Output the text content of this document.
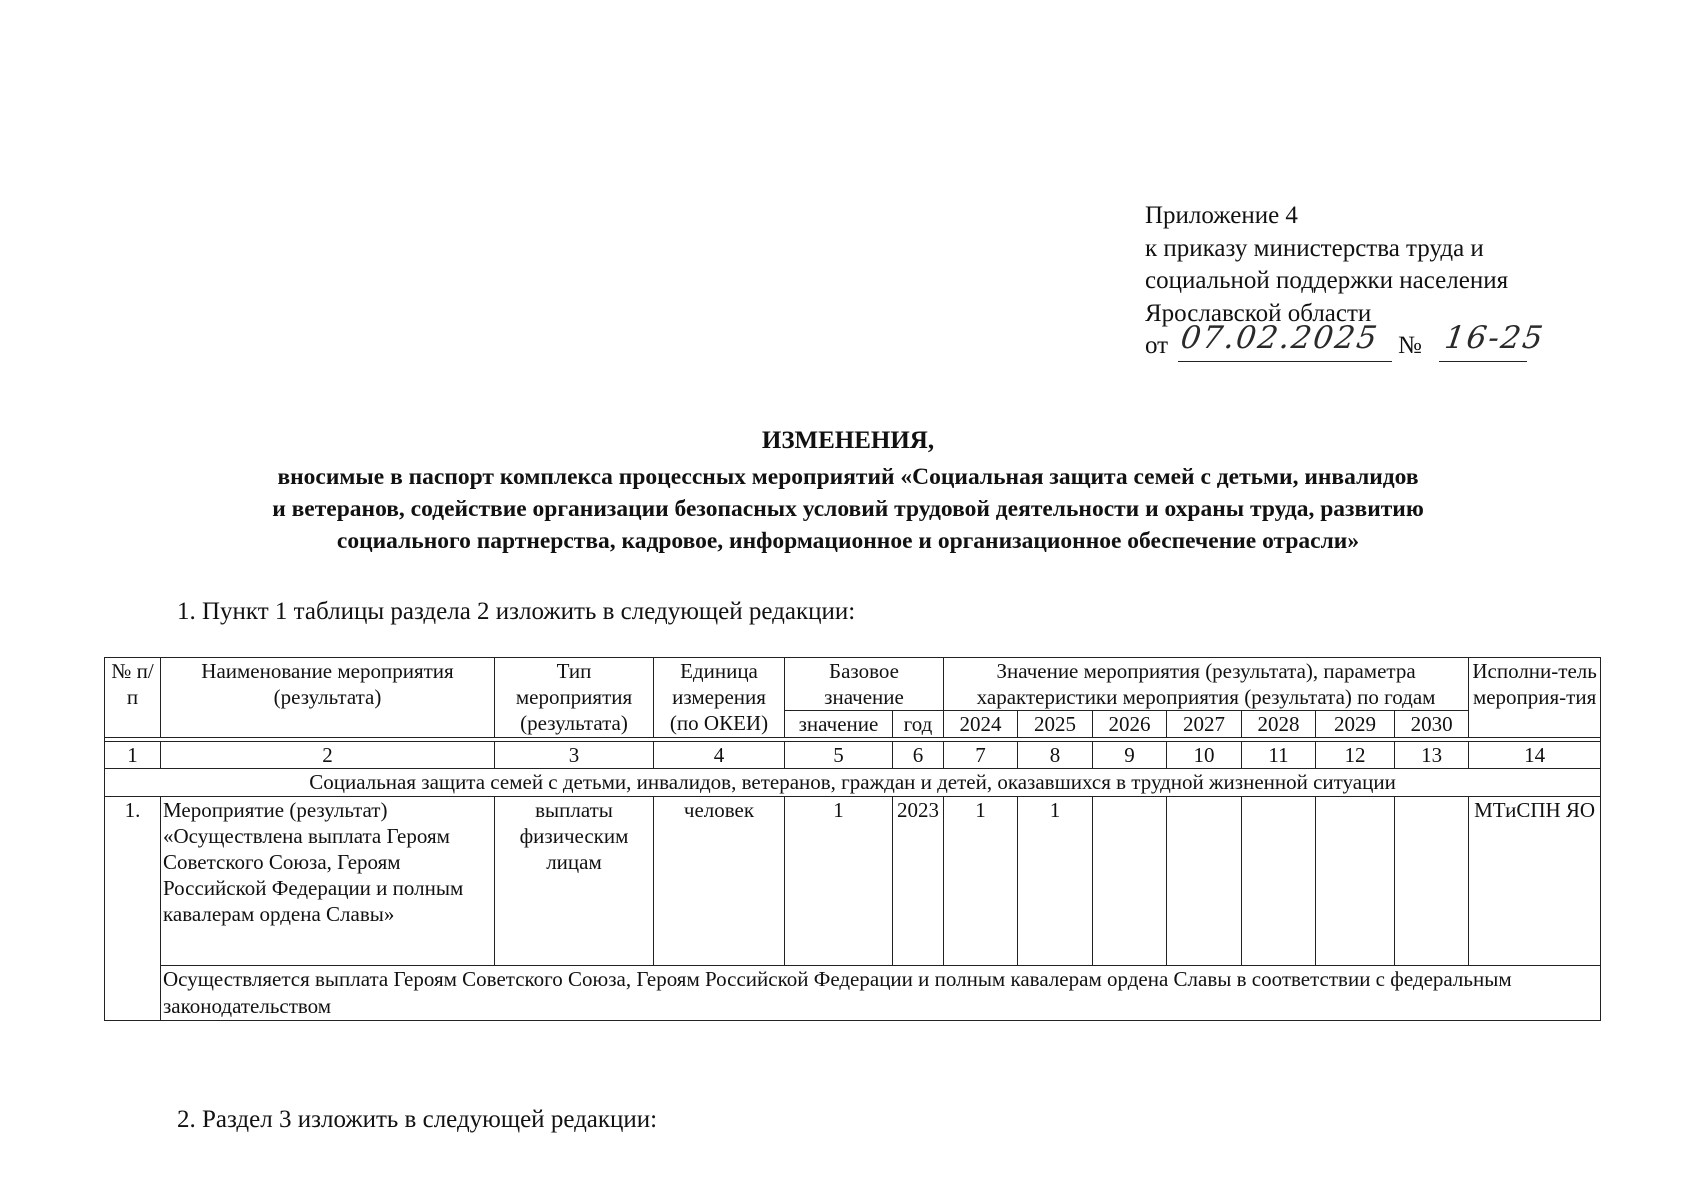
Приложение 4
к приказу министерства труда и
социальной поддержки населения
Ярославской области
от 07.02.2025 № 16-25
ИЗМЕНЕНИЯ,
вносимые в паспорт комплекса процессных мероприятий «Социальная защита семей с детьми, инвалидов
и ветеранов, содействие организации безопасных условий трудовой деятельности и охраны труда, развитию
социального партнерства, кадровое, информационное и организационное обеспечение отрасли»
1. Пункт 1 таблицы раздела 2 изложить в следующей редакции:
№ п/п	Наименование мероприятия (результата)	Тип мероприятия (результата)	Единица измерения (по ОКЕИ)	Базовое значение		Значение мероприятия (результата), параметра характеристики мероприятия (результата) по годам							Исполни-тель мероприя-тия

				значение	год	2024	2025	2026	2027	2028	2029	2030	

1	2	3	4	5	6	7	8	9	10	11	12	13	14
Социальная защита семей с детьми, инвалидов, ветеранов, граждан и детей, оказавшихся в трудной жизненной ситуации													
1.	Мероприятие (результат) «Осуществлена выплата Героям Советского Союза, Героям Российской Федерации и полным кавалерам ордена Славы»	выплаты физическим лицам	человек	1	2023	1	1						МТиСПН ЯО
	Осуществляется выплата Героям Советского Союза, Героям Российской Федерации и полным кавалерам ордена Славы в соответствии с федеральным законодательством												
2. Раздел 3 изложить в следующей редакции:
